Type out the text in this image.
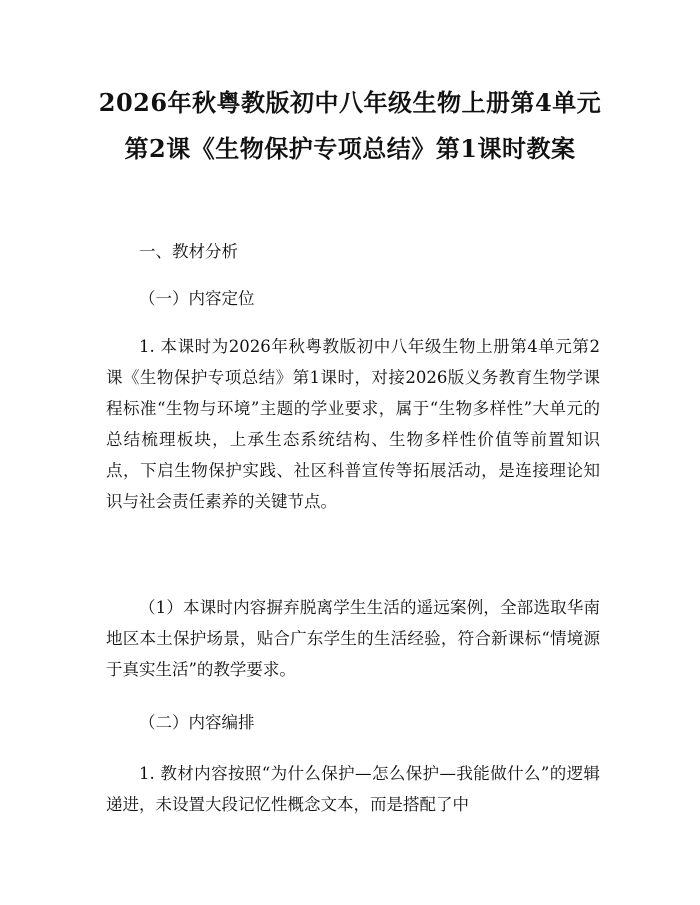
2026年秋粤教版初中八年级生物上册第4单元第2课《生物保护专项总结》第1课时教案

一、教材分析

（一）内容定位

1. 本课时为2026年秋粤教版初中八年级生物上册第4单元第2课《生物保护专项总结》第1课时，对接2026版义务教育生物学课程标准“生物与环境”主题的学业要求，属于“生物多样性”大单元的总结梳理板块，上承生态系统结构、生物多样性价值等前置知识点，下启生物保护实践、社区科普宣传等拓展活动，是连接理论知识与社会责任素养的关键节点。

（1）本课时内容摒弃脱离学生生活的遥远案例，全部选取华南地区本土保护场景，贴合广东学生的生活经验，符合新课标“情境源于真实生活”的教学要求。

（二）内容编排

1. 教材内容按照“为什么保护—怎么保护—我能做什么”的逻辑递进，未设置大段记忆性概念文本，而是搭配了中
